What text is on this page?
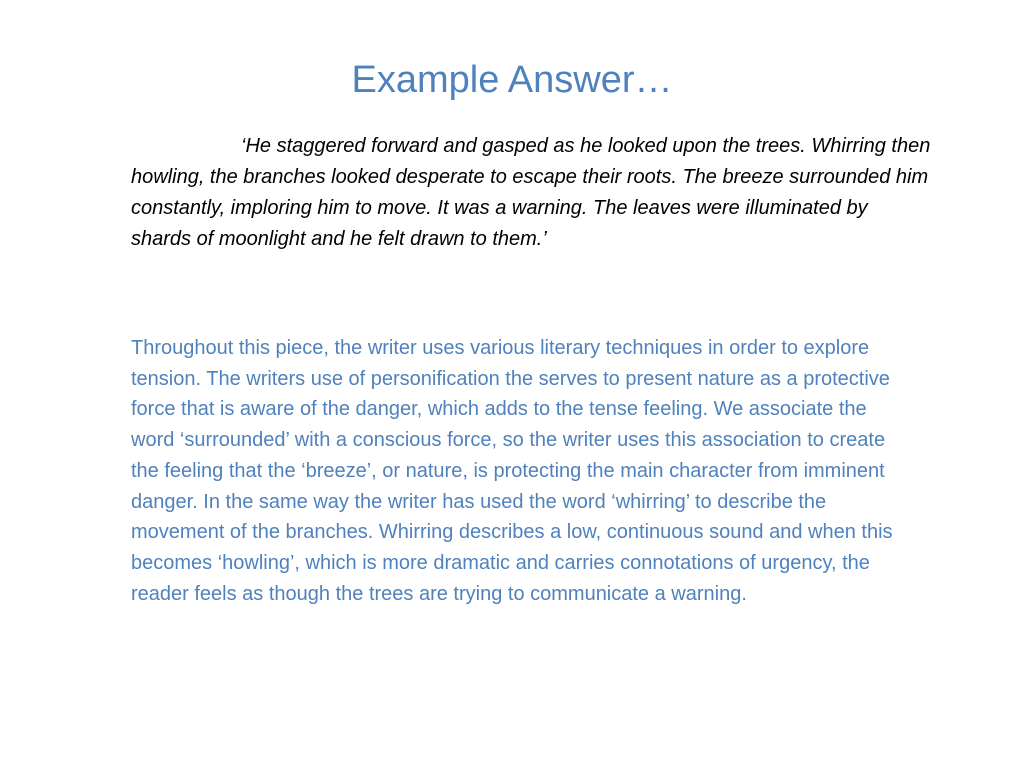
Example Answer…

‘He staggered forward and gasped as he looked upon the trees. Whirring then howling, the branches looked desperate to escape their roots. The breeze surrounded him constantly, imploring him to move. It was a warning. The leaves were illuminated by shards of moonlight and he felt drawn to them.’

Throughout this piece, the writer uses various literary techniques in order to explore tension. The writers use of personification the serves to present nature as a protective force that is aware of the danger, which adds to the tense feeling. We associate the word ‘surrounded’ with a conscious force, so the writer uses this association to create the feeling that the ‘breeze’, or nature, is protecting the main character from imminent danger. In the same way the writer has used the word ‘whirring’ to describe the movement of the branches. Whirring describes a low, continuous sound and when this becomes ‘howling’, which is more dramatic and carries connotations of urgency, the reader feels as though the trees are trying to communicate a warning.
